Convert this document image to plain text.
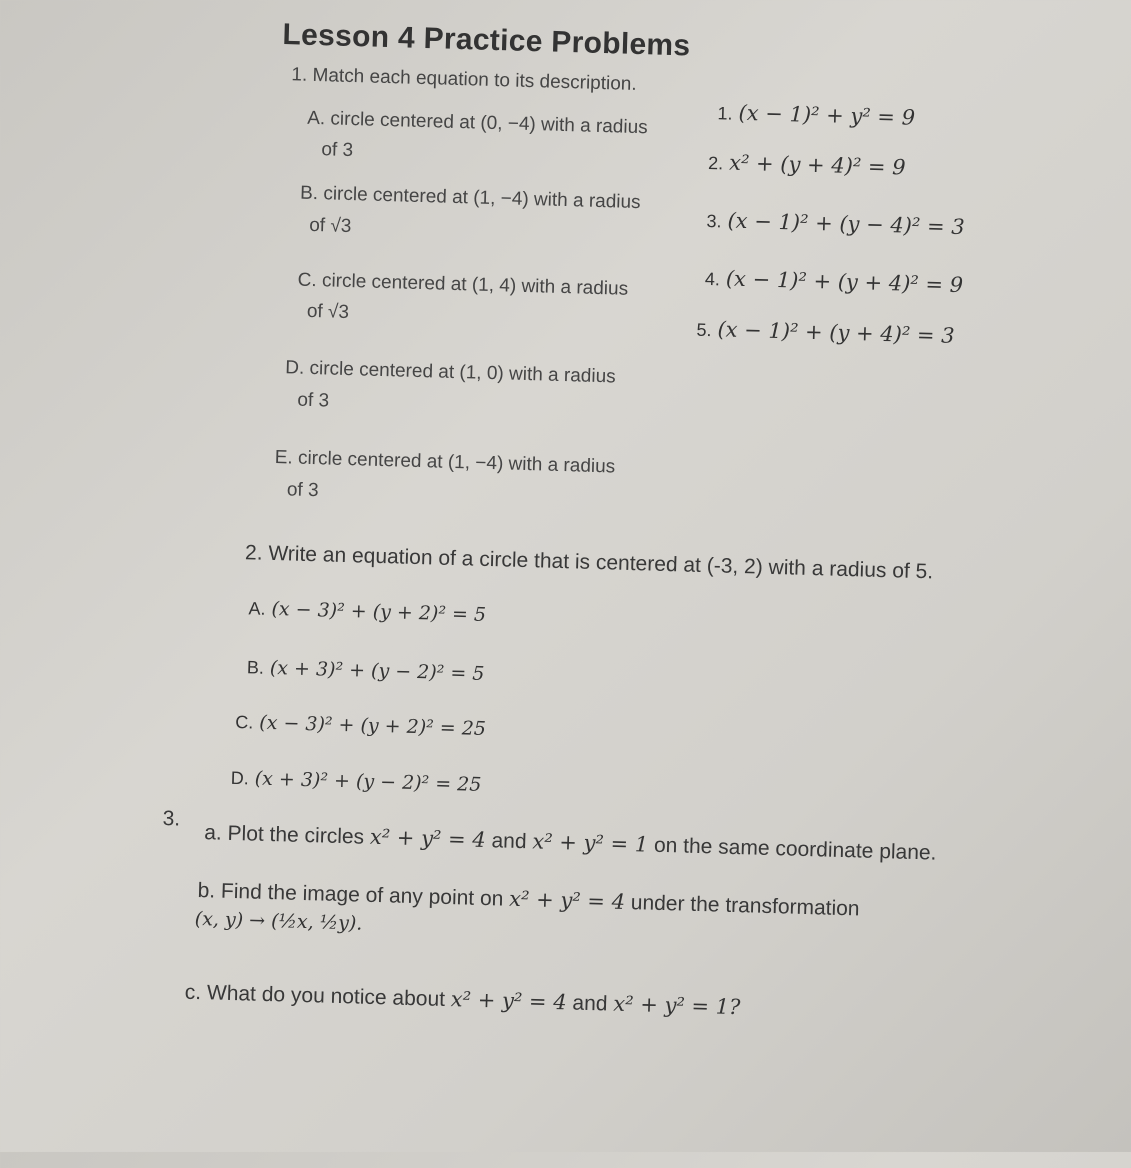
Lesson 4 Practice Problems
1. Match each equation to its description.
A. circle centered at (0, −4) with a radius
of 3
B. circle centered at (1, −4) with a radius
of √3
C. circle centered at (1, 4) with a radius
of √3
D. circle centered at (1, 0) with a radius
of 3
E. circle centered at (1, −4) with a radius
of 3
1. (x − 1)² + y² = 9
2. x² + (y + 4)² = 9
3. (x − 1)² + (y − 4)² = 3
4. (x − 1)² + (y + 4)² = 9
5. (x − 1)² + (y + 4)² = 3
2. Write an equation of a circle that is centered at (-3, 2) with a radius of 5.
A. (x − 3)² + (y + 2)² = 5
B. (x + 3)² + (y − 2)² = 5
C. (x − 3)² + (y + 2)² = 25
D. (x + 3)² + (y − 2)² = 25
3.
a. Plot the circles x² + y² = 4 and x² + y² = 1 on the same coordinate plane.
b. Find the image of any point on x² + y² = 4 under the transformation
(x, y) → (½x, ½y).
c. What do you notice about x² + y² = 4 and x² + y² = 1?
